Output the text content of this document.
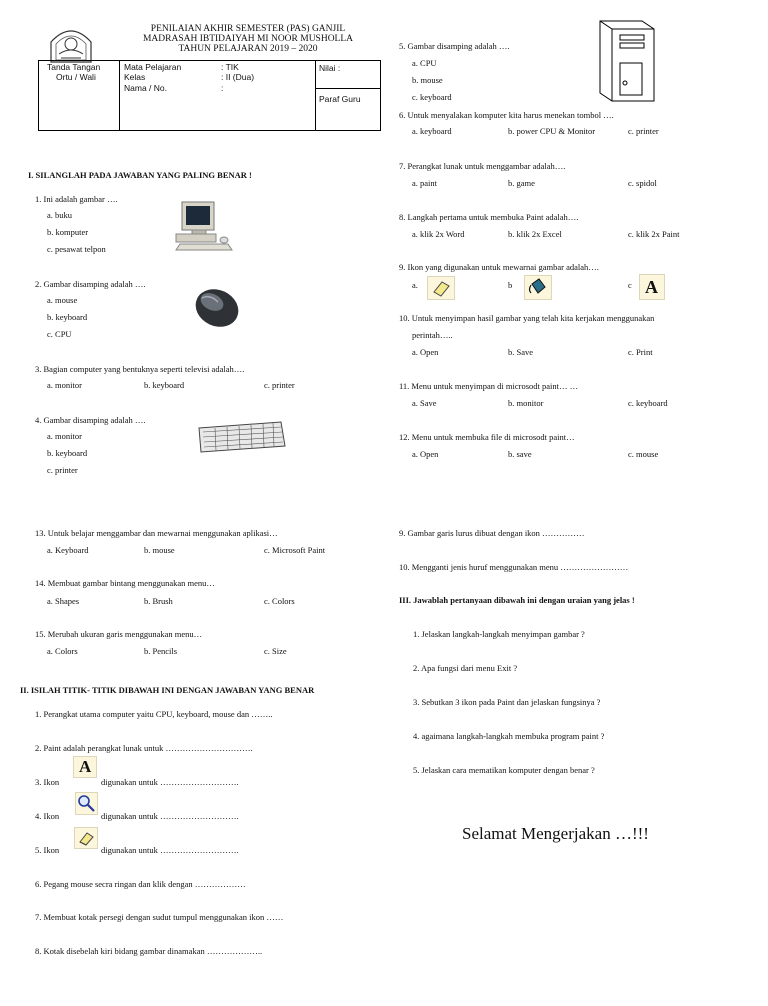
PENILAIAN AKHIR SEMESTER (PAS) GANJIL
MADRASAH IBTIDAIYAH MI NOOR MUSHOLLA
TAHUN PELAJARAN 2019 – 2020
Tanda Tangan
Ortu / Wali
Mata Pelajaran	: TIK
Kelas	: II (Dua)
Nama / No.	:
Nilai :
Paraf Guru
I. SILANGLAH PADA JAWABAN YANG PALING BENAR !
1. Ini adalah gambar ….
a. buku
b. komputer
c. pesawat telpon
2. Gambar disamping adalah ….
a. mouse
b. keyboard
c. CPU
3. Bagian computer yang bentuknya seperti televisi adalah….
a. monitor	b. keyboard	c. printer
4. Gambar disamping adalah ….
a. monitor
b. keyboard
c. printer
13. Untuk belajar menggambar dan mewarnai menggunakan aplikasi…
a. Keyboard	b. mouse	c. Microsoft Paint
14. Membuat gambar bintang menggunakan menu…
a. Shapes	b. Brush	c. Colors
15. Merubah ukuran garis menggunakan menu…
a. Colors	b. Pencils	c. Size
II. ISILAH TITIK- TITIK DIBAWAH INI DENGAN JAWABAN YANG BENAR
1. Perangkat utama computer yaitu CPU, keyboard, mouse dan ……..
2. Paint adalah perangkat lunak untuk ………………………….
3. Ikon
A
digunakan untuk ……………………….
4. Ikon	digunakan untuk ……………………….
5. Ikon	digunakan untuk ……………………….
6. Pegang mouse secra ringan dan klik dengan ………………
7. Membuat kotak persegi dengan sudut tumpul menggunakan ikon ……
8. Kotak disebelah kiri bidang gambar dinamakan ………………..
5. Gambar disamping adalah ….
a. CPU
b. mouse
c. keyboard
6. Untuk menyalakan komputer kita harus menekan tombol ….
a. keyboard	b. power CPU & Monitor	c. printer
7. Perangkat lunak untuk menggambar adalah….
a. paint	b. game	c. spidol
8. Langkah pertama untuk membuka Paint adalah….
a. klik 2x Word	b. klik 2x Excel	c. klik 2x Paint
9. Ikon yang digunakan untuk mewarnai gambar adalah….
a.	b	c A
10. Untuk menyimpan hasil gambar yang telah kita kerjakan menggunakan
perintah…..
a. Open	b. Save	c. Print
11. Menu untuk menyimpan di microsodt paint… …
a. Save	b. monitor	c. keyboard
12. Menu untuk membuka file di microsodt paint…
a. Open	b. save	c. mouse
9. Gambar garis lurus dibuat dengan ikon ……………
10. Mengganti jenis huruf menggunakan menu ……………………
III. Jawablah pertanyaan dibawah ini dengan uraian yang jelas !
1. Jelaskan langkah-langkah menyimpan gambar ?
2. Apa fungsi dari menu Exit ?
3. Sebutkan 3 ikon pada Paint dan jelaskan fungsinya ?
4. agaimana langkah-langkah membuka program paint ?
5. Jelaskan cara mematikan komputer dengan benar ?
Selamat Mengerjakan …!!!
